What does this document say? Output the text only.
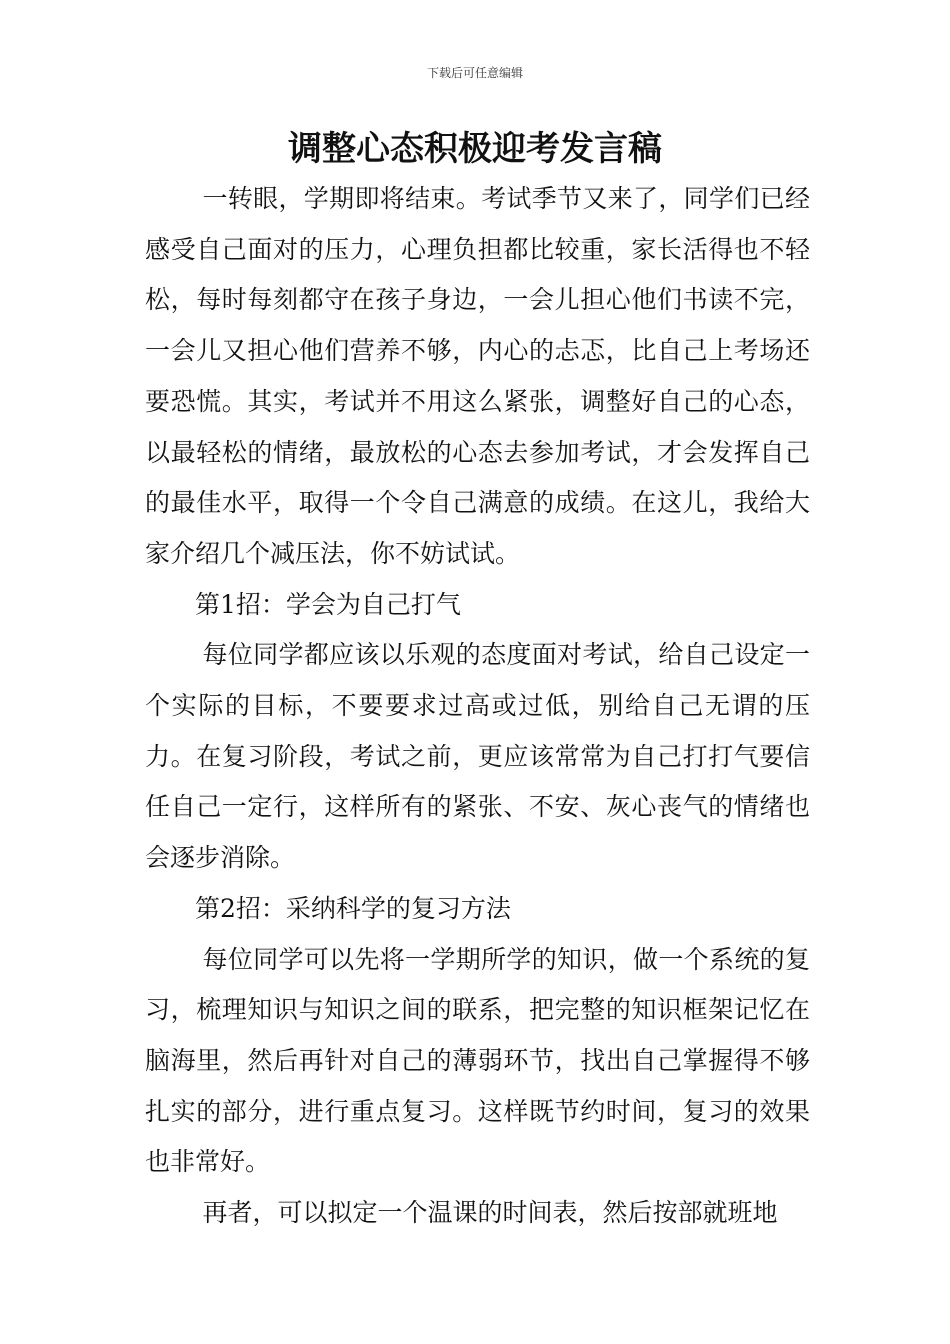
下载后可任意编辑
调整心态积极迎考发言稿

一转眼，学期即将结束。考试季节又来了，同学们已经感受自己面对的压力，心理负担都比较重，家长活得也不轻松，每时每刻都守在孩子身边，一会儿担心他们书读不完，一会儿又担心他们营养不够，内心的忐忑，比自己上考场还要恐慌。其实，考试并不用这么紧张，调整好自己的心态，以最轻松的情绪，最放松的心态去参加考试，才会发挥自己的最佳水平，取得一个令自己满意的成绩。在这儿，我给大家介绍几个减压法，你不妨试试。

第1招：学会为自己打气

每位同学都应该以乐观的态度面对考试，给自己设定一个实际的目标，不要要求过高或过低，别给自己无谓的压力。在复习阶段，考试之前，更应该常常为自己打打气要信任自己一定行，这样所有的紧张、不安、灰心丧气的情绪也会逐步消除。

第2招：采纳科学的复习方法

每位同学可以先将一学期所学的知识，做一个系统的复习，梳理知识与知识之间的联系，把完整的知识框架记忆在脑海里，然后再针对自己的薄弱环节，找出自己掌握得不够扎实的部分，进行重点复习。这样既节约时间，复习的效果也非常好。

再者，可以拟定一个温课的时间表，然后按部就班地
